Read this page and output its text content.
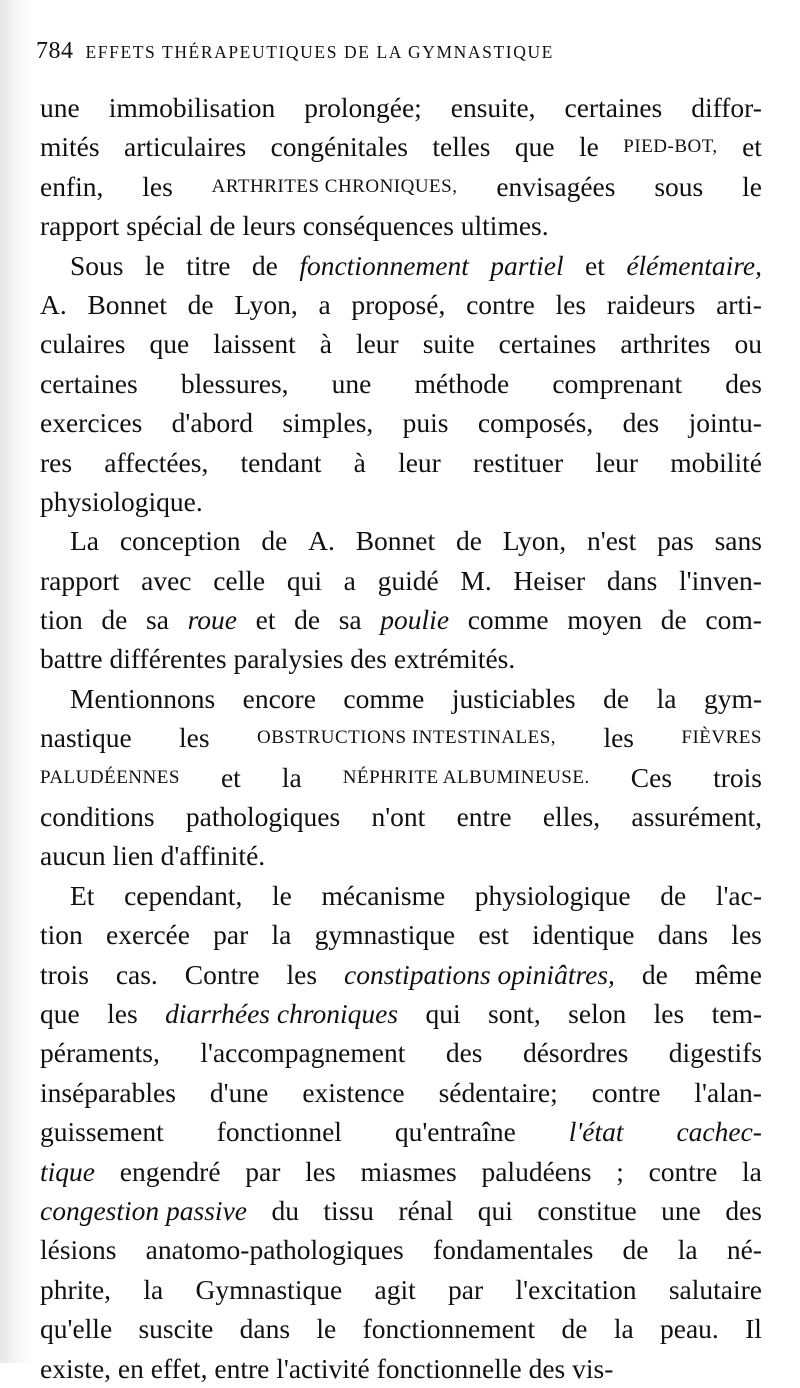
784 EFFETS THÉRAPEUTIQUES DE LA GYMNASTIQUE
une immobilisation prolongée; ensuite, certaines diffor-
mités articulaires congénitales telles que le PIED-BOT, et
enfin, les ARTHRITES CHRONIQUES, envisagées sous le
rapport spécial de leurs conséquences ultimes.
Sous le titre de fonctionnement partiel et élémentaire,
A. Bonnet de Lyon, a proposé, contre les raideurs arti-
culaires que laissent à leur suite certaines arthrites ou
certaines blessures, une méthode comprenant des
exercices d'abord simples, puis composés, des jointu-
res affectées, tendant à leur restituer leur mobilité
physiologique.
La conception de A. Bonnet de Lyon, n'est pas sans
rapport avec celle qui a guidé M. Heiser dans l'inven-
tion de sa roue et de sa poulie comme moyen de com-
battre différentes paralysies des extrémités.
Mentionnons encore comme justiciables de la gym-
nastique les OBSTRUCTIONS INTESTINALES, les FIÈVRES
PALUDÉENNES et la NÉPHRITE ALBUMINEUSE. Ces trois
conditions pathologiques n'ont entre elles, assurément,
aucun lien d'affinité.
Et cependant, le mécanisme physiologique de l'ac-
tion exercée par la gymnastique est identique dans les
trois cas. Contre les constipations opiniâtres, de même
que les diarrhées chroniques qui sont, selon les tem-
péraments, l'accompagnement des désordres digestifs
inséparables d'une existence sédentaire; contre l'alan-
guissement fonctionnel qu'entraîne l'état cachec-
tique engendré par les miasmes paludéens ; contre la
congestion passive du tissu rénal qui constitue une des
lésions anatomo-pathologiques fondamentales de la né-
phrite, la Gymnastique agit par l'excitation salutaire
qu'elle suscite dans le fonctionnement de la peau. Il
existe, en effet, entre l'activité fonctionnelle des vis-
